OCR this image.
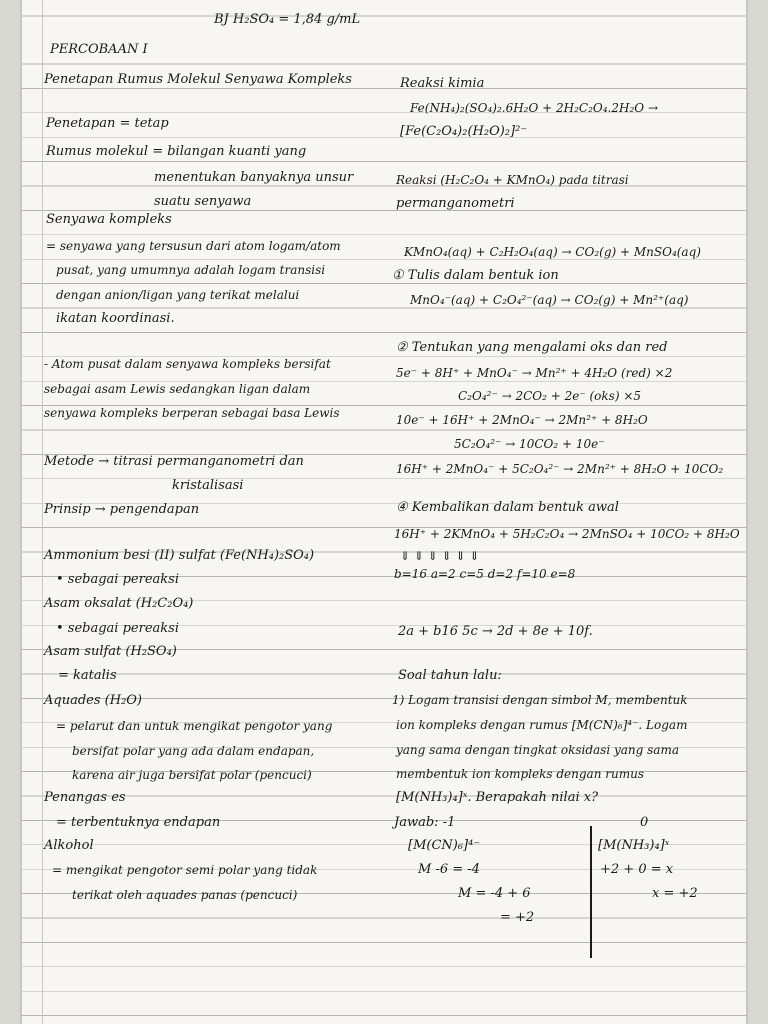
BJ H₂SO₄ = 1,84 g/mL
PERCOBAAN I
Penetapan Rumus Molekul Senyawa Kompleks
Penetapan = tetap
Rumus molekul = bilangan kuanti yang
menentukan banyaknya unsur
suatu senyawa
Senyawa kompleks
= senyawa yang tersusun dari atom logam/atom
pusat, yang umumnya adalah logam transisi
dengan anion/ligan yang terikat melalui
ikatan koordinasi.
- Atom pusat dalam senyawa kompleks bersifat
sebagai asam Lewis sedangkan ligan dalam
senyawa kompleks berperan sebagai basa Lewis
Metode → titrasi permanganometri dan
kristalisasi
Prinsip → pengendapan
Ammonium besi (II) sulfat (Fe(NH₄)₂SO₄)
• sebagai pereaksi
Asam oksalat (H₂C₂O₄)
• sebagai pereaksi
Asam sulfat (H₂SO₄)
= katalis
Aquades (H₂O)
= pelarut dan untuk mengikat pengotor yang
bersifat polar yang ada dalam endapan,
karena air juga bersifat polar (pencuci)
Penangas es
= terbentuknya endapan
Alkohol
= mengikat pengotor semi polar yang tidak
terikat oleh aquades panas (pencuci)
Reaksi kimia
Fe(NH₄)₂(SO₄)₂.6H₂O + 2H₂C₂O₄.2H₂O →
[Fe(C₂O₄)₂(H₂O)₂]²⁻
Reaksi (H₂C₂O₄ + KMnO₄) pada titrasi
permanganometri
KMnO₄(aq) + C₂H₂O₄(aq) → CO₂(g) + MnSO₄(aq)
① Tulis dalam bentuk ion
MnO₄⁻(aq) + C₂O₄²⁻(aq) → CO₂(g) + Mn²⁺(aq)
② Tentukan yang mengalami oks dan red
5e⁻ + 8H⁺ + MnO₄⁻ → Mn²⁺ + 4H₂O (red) ×2
C₂O₄²⁻ → 2CO₂ + 2e⁻ (oks) ×5
10e⁻ + 16H⁺ + 2MnO₄⁻ → 2Mn²⁺ + 8H₂O
5C₂O₄²⁻ → 10CO₂ + 10e⁻
16H⁺ + 2MnO₄⁻ + 5C₂O₄²⁻ → 2Mn²⁺ + 8H₂O + 10CO₂
④ Kembalikan dalam bentuk awal
16H⁺ + 2KMnO₄ + 5H₂C₂O₄ → 2MnSO₄ + 10CO₂ + 8H₂O
⇓ ⇓ ⇓ ⇓ ⇓ ⇓
b=16 a=2 c=5 d=2 f=10 e=8
2a + b16 5c → 2d + 8e + 10f.
Soal tahun lalu:
1) Logam transisi dengan simbol M, membentuk
ion kompleks dengan rumus [M(CN)₆]⁴⁻. Logam
yang sama dengan tingkat oksidasi yang sama
membentuk ion kompleks dengan rumus
[M(NH₃)₄]ˣ. Berapakah nilai x?
Jawab: -1
[M(CN)₆]⁴⁻
M -6 = -4
M = -4 + 6
= +2
0
[M(NH₃)₄]ˣ
+2 + 0 = x
x = +2
